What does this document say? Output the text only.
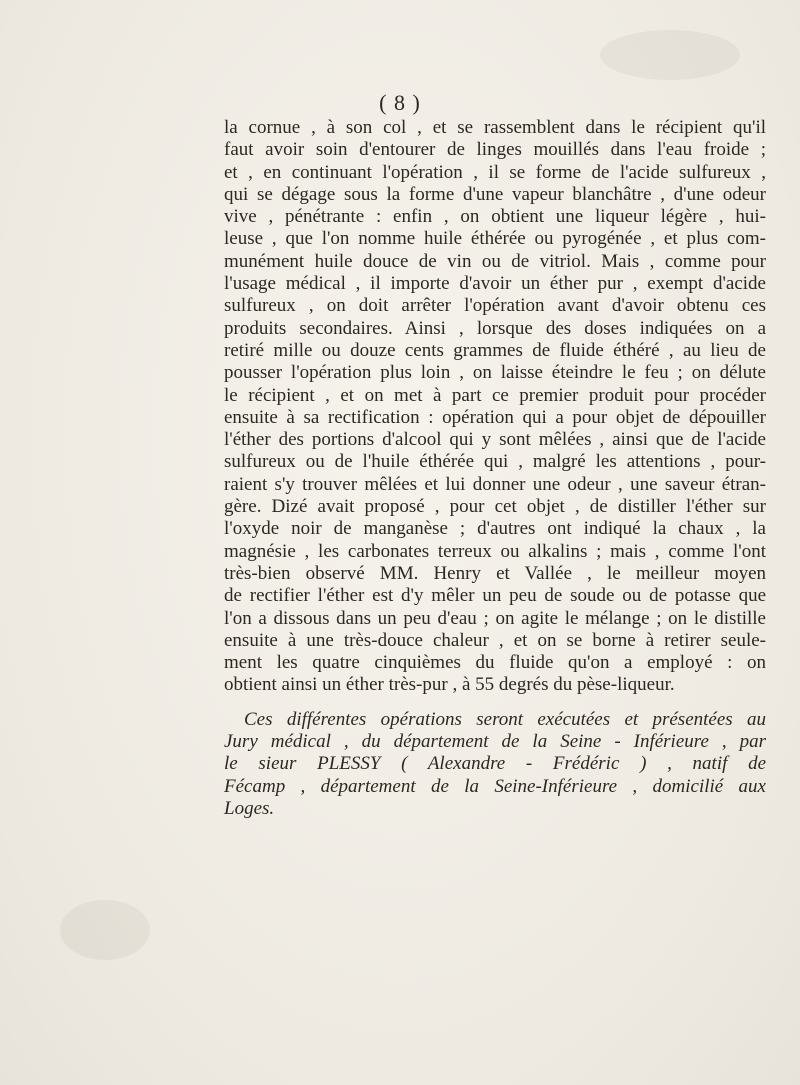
( 8 )
la cornue , à son col , et se rassemblent dans le récipient qu'il
faut avoir soin d'entourer de linges mouillés dans l'eau froide ;
et , en continuant l'opération , il se forme de l'acide sulfureux ,
qui se dégage sous la forme d'une vapeur blanchâtre , d'une odeur
vive , pénétrante : enfin , on obtient une liqueur légère , hui-
leuse , que l'on nomme huile éthérée ou pyrogénée , et plus com-
munément huile douce de vin ou de vitriol. Mais , comme pour
l'usage médical , il importe d'avoir un éther pur , exempt d'acide
sulfureux , on doit arrêter l'opération avant d'avoir obtenu ces
produits secondaires. Ainsi , lorsque des doses indiquées on a
retiré mille ou douze cents grammes de fluide éthéré , au lieu de
pousser l'opération plus loin , on laisse éteindre le feu ; on délute
le récipient , et on met à part ce premier produit pour procéder
ensuite à sa rectification : opération qui a pour objet de dépouiller
l'éther des portions d'alcool qui y sont mêlées , ainsi que de l'acide
sulfureux ou de l'huile éthérée qui , malgré les attentions , pour-
raient s'y trouver mêlées et lui donner une odeur , une saveur étran-
gère. Dizé avait proposé , pour cet objet , de distiller l'éther sur
l'oxyde noir de manganèse ; d'autres ont indiqué la chaux , la
magnésie , les carbonates terreux ou alkalins ; mais , comme l'ont
très-bien observé MM. Henry et Vallée , le meilleur moyen
de rectifier l'éther est d'y mêler un peu de soude ou de potasse que
l'on a dissous dans un peu d'eau ; on agite le mélange ; on le distille
ensuite à une très-douce chaleur , et on se borne à retirer seule-
ment les quatre cinquièmes du fluide qu'on a employé : on
obtient ainsi un éther très-pur , à 55 degrés du pèse-liqueur.
Ces différentes opérations seront exécutées et présentées au
Jury médical , du département de la Seine - Inférieure , par
le sieur PLESSY ( Alexandre - Frédéric ) , natif de
Fécamp , département de la Seine-Inférieure , domicilié aux
Loges.
